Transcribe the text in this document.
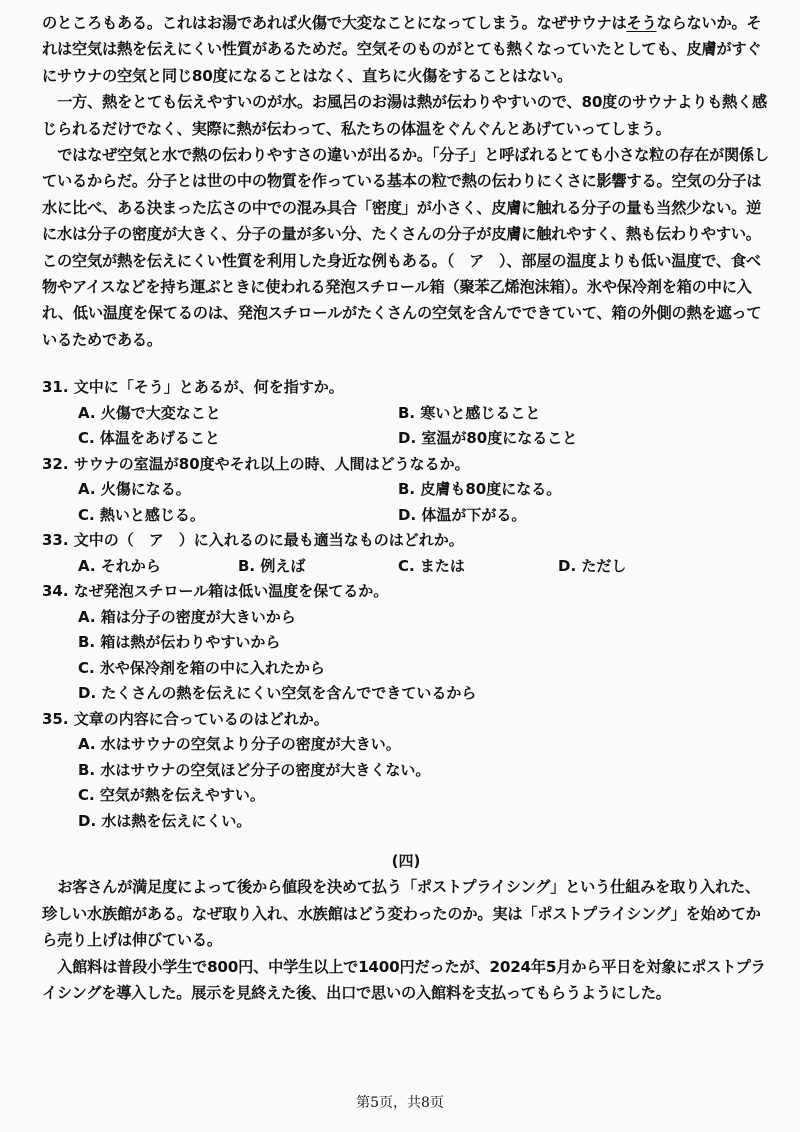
のところもある。これはお湯であれば火傷で大変なことになってしまう。なぜサウナはそうならないか。それは空気は熱を伝えにくい性質があるためだ。空気そのものがとても熱くなっていたとしても、皮膚がすぐにサウナの空気と同じ80度になることはなく、直ちに火傷をすることはない。

一方、熱をとても伝えやすいのが水。お風呂のお湯は熱が伝わりやすいので、80度のサウナよりも熱く感じられるだけでなく、実際に熱が伝わって、私たちの体温をぐんぐんとあげていってしまう。

ではなぜ空気と水で熱の伝わりやすさの違いが出るか。「分子」と呼ばれるとても小さな粒の存在が関係しているからだ。分子とは世の中の物質を作っている基本の粒で熱の伝わりにくさに影響する。空気の分子は水に比べ、ある決まった広さの中での混み具合「密度」が小さく、皮膚に触れる分子の量も当然少ない。逆に水は分子の密度が大きく、分子の量が多い分、たくさんの分子が皮膚に触れやすく、熱も伝わりやすい。この空気が熱を伝えにくい性質を利用した身近な例もある。（　ア　）、部屋の温度よりも低い温度で、食べ物やアイスなどを持ち運ぶときに使われる発泡スチロール箱（聚苯乙烯泡沫箱）。氷や保冷剤を箱の中に入れ、低い温度を保てるのは、発泡スチロールがたくさんの空気を含んでできていて、箱の外側の熱を遮っているためである。

31. 文中に「そう」とあるが、何を指すか。
A. 火傷で大変なこと	B. 寒いと感じること
C. 体温をあげること	D. 室温が80度になること
32. サウナの室温が80度やそれ以上の時、人間はどうなるか。
A. 火傷になる。	B. 皮膚も80度になる。
C. 熱いと感じる。	D. 体温が下がる。
33. 文中の（　ア　）に入れるのに最も適当なものはどれか。
A. それから	B. 例えば	C. または	D. ただし
34. なぜ発泡スチロール箱は低い温度を保てるか。
A. 箱は分子の密度が大きいから
B. 箱は熱が伝わりやすいから
C. 氷や保冷剤を箱の中に入れたから
D. たくさんの熱を伝えにくい空気を含んでできているから
35. 文章の内容に合っているのはどれか。
A. 水はサウナの空気より分子の密度が大きい。
B. 水はサウナの空気ほど分子の密度が大きくない。
C. 空気が熱を伝えやすい。
D. 水は熱を伝えにくい。
(四)

お客さんが満足度によって後から値段を決めて払う「ポストプライシング」という仕組みを取り入れた、珍しい水族館がある。なぜ取り入れ、水族館はどう変わったのか。実は「ポストプライシング」を始めてから売り上げは伸びている。

入館料は普段小学生で800円、中学生以上で1400円だったが、2024年5月から平日を対象にポストプライシングを導入した。展示を見終えた後、出口で思いの入館料を支払ってもらうようにした。

第5页，共8页
